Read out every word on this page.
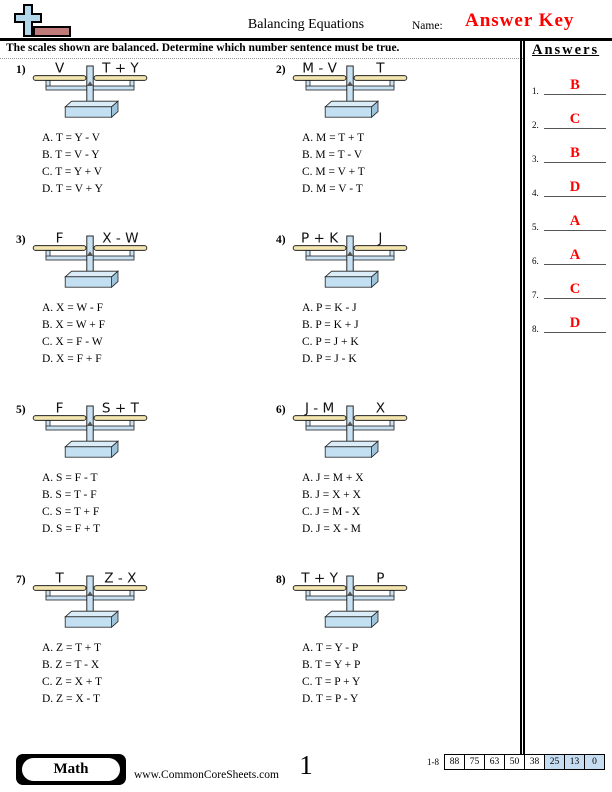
Balancing Equations	Name: Answer Key
The scales shown are balanced. Determine which number sentence must be true.	Answers
1.	B
2.	C
3.	B
4.	D
5.	A
6.	A
7.	C
8.	D
1) V T + Y
A. T = Y - V
B. T = V - Y
C. T = Y + V
D. T = V + Y
2) M - V T
A. M = T + T
B. M = T - V
C. M = V + T
D. M = V - T
3) F X - W
A. X = W - F
B. X = W + F
C. X = F - W
D. X = F + F
4) P + K J
A. P = K - J
B. P = K + J
C. P = J + K
D. P = J - K
5) F S + T
A. S = F - T
B. S = T - F
C. S = T + F
D. S = F + T
6) J - M X
A. J = M + X
B. J = X + X
C. J = M - X
D. J = X - M
7) T Z - X
A. Z = T + T
B. Z = T - X
C. Z = X + T
D. Z = X - T
8) T + Y P
A. T = Y - P
B. T = Y + P
C. T = P + Y
D. T = P - Y
Math	www.CommonCoreSheets.com 1	1-8	88	75	63	50	38	25	13	0
